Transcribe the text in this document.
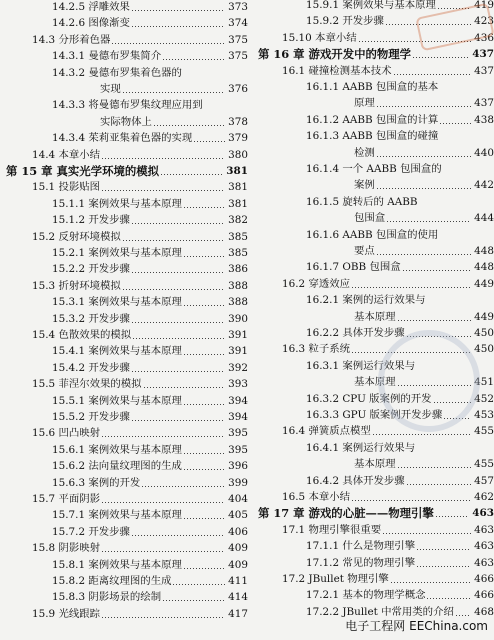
14.2.5 浮雕效果	373
14.2.6 图像渐变	374
14.3 分形着色器	375
14.3.1 曼德布罗集简介	375
14.3.2 曼德布罗集着色器的
实现	376
14.3.3 将曼德布罗集纹理应用到
实际物体上	378
14.3.4 茱莉亚集着色器的实现	379
14.4 本章小结	380
第 15 章 真实光学环境的模拟	381
15.1 投影贴图	381
15.1.1 案例效果与基本原理	381
15.1.2 开发步骤	382
15.2 反射环境模拟	385
15.2.1 案例效果与基本原理	385
15.2.2 开发步骤	386
15.3 折射环境模拟	388
15.3.1 案例效果与基本原理	388
15.3.2 开发步骤	390
15.4 色散效果的模拟	391
15.4.1 案例效果与基本原理	391
15.4.2 开发步骤	392
15.5 菲涅尔效果的模拟	393
15.5.1 案例效果与基本原理	394
15.5.2 开发步骤	394
15.6 凹凸映射	395
15.6.1 案例效果与基本原理	395
15.6.2 法向量纹理图的生成	396
15.6.3 案例的开发	399
15.7 平面阴影	404
15.7.1 案例效果与基本原理	405
15.7.2 开发步骤	406
15.8 阴影映射	409
15.8.1 案例效果与基本原理	409
15.8.2 距离纹理图的生成	411
15.8.3 阴影场景的绘制	414
15.9 光线跟踪	417
15.9.1 案例效果与基本原理	419
15.9.2 开发步骤	423
15.10 本章小结	436
第 16 章 游戏开发中的物理学	437
16.1 碰撞检测基本技术	437
16.1.1 AABB 包围盒的基本
原理	437
16.1.2 AABB 包围盒的计算	438
16.1.3 AABB 包围盒的碰撞
检测	440
16.1.4 一个 AABB 包围盒的
案例	442
16.1.5 旋转后的 AABB
包围盒	444
16.1.6 AABB 包围盒的使用
要点	448
16.1.7 OBB 包围盒	448
16.2 穿透效应	449
16.2.1 案例的运行效果与
基本原理	449
16.2.2 具体开发步骤	450
16.3 粒子系统	450
16.3.1 案例运行效果与
基本原理	451
16.3.2 CPU 版案例的开发	452
16.3.3 GPU 版案例开发步骤	453
16.4 弹簧质点模型	455
16.4.1 案例运行效果与
基本原理	455
16.4.2 具体开发步骤	457
16.5 本章小结	462
第 17 章 游戏的心脏——物理引擎	463
17.1 物理引擎很重要	463
17.1.1 什么是物理引擎	463
17.1.2 常见的物理引擎	463
17.2 JBullet 物理引擎	466
17.2.1 基本的物理学概念	466
17.2.2 JBullet 中常用类的介绍 468
电子工程网 EEChina.com
